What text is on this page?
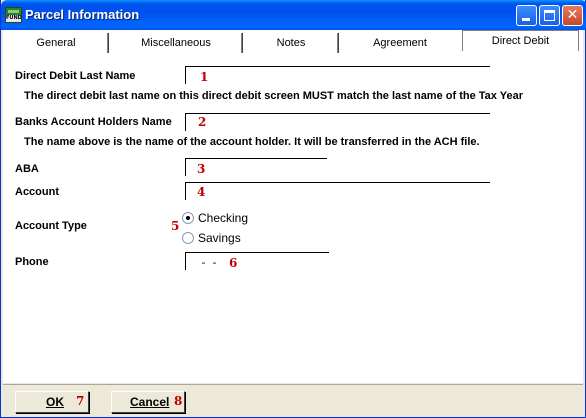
FUND Parcel Information	✕
General	Miscellaneous	Notes	Agreement	Direct Debit
Direct Debit Last Name	1
The direct debit last name on this direct debit screen MUST match the last name of the Tax Year
Banks Account Holders Name 2
The name above is the name of the account holder. It will be transferred in the ACH file.
ABA	3
Account	4
Account Type	5
Checking
Savings
Phone	-  - 6
OK 7	Cancel 8
